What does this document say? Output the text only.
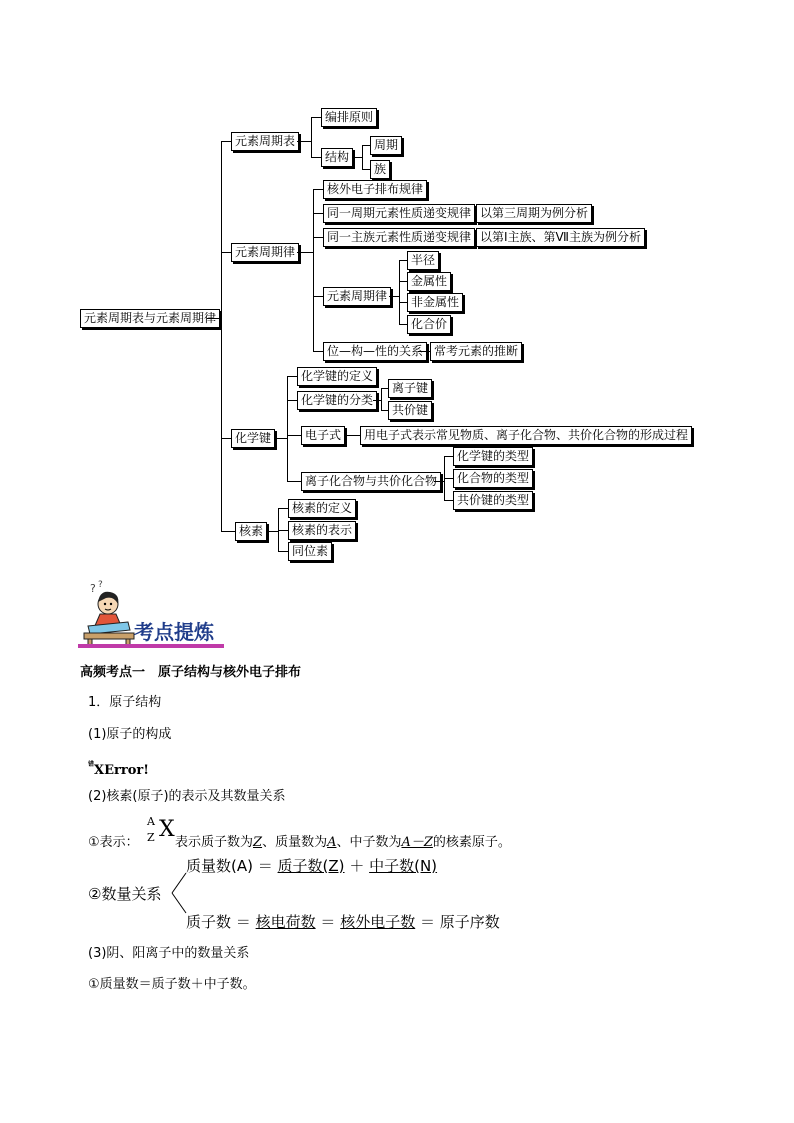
元素周期表与元素周期律
元素周期表
元素周期律
化学键
核素
编排原则
结构
周期
族
核外电子排布规律
同一周期元素性质递变规律 以第三周期为例分析
同一主族元素性质递变规律 以第Ⅰ主族、第Ⅶ主族为例分析
元素周期律
半径
金属性
非金属性
化合价
位—构—性的关系 常考元素的推断
化学键的定义
化学键的分类
离子键
共价键
电子式	用电子式表示常见物质、离子化合物、共价化合物的形成过程
离子化合物与共价化合物
化学键的类型
化合物的类型
共价键的类型
核素的定义
核素的表示
同位素
? ?
考点提炼
高频考点一　原子结构与核外电子排布
1．原子结构
(1)原子的构成
$^错$XError!
(2)核素(原子)的表示及其数量关系
①表示：
A
Z X
表示质子数为Z、质量数为A、中子数为A－Z的核素原子。
②数量关系
质量数(A) ＝ 质子数(Z) ＋ 中子数(N)
质子数 ＝ 核电荷数 ＝ 核外电子数 ＝ 原子序数
(3)阴、阳离子中的数量关系
①质量数＝质子数＋中子数。
